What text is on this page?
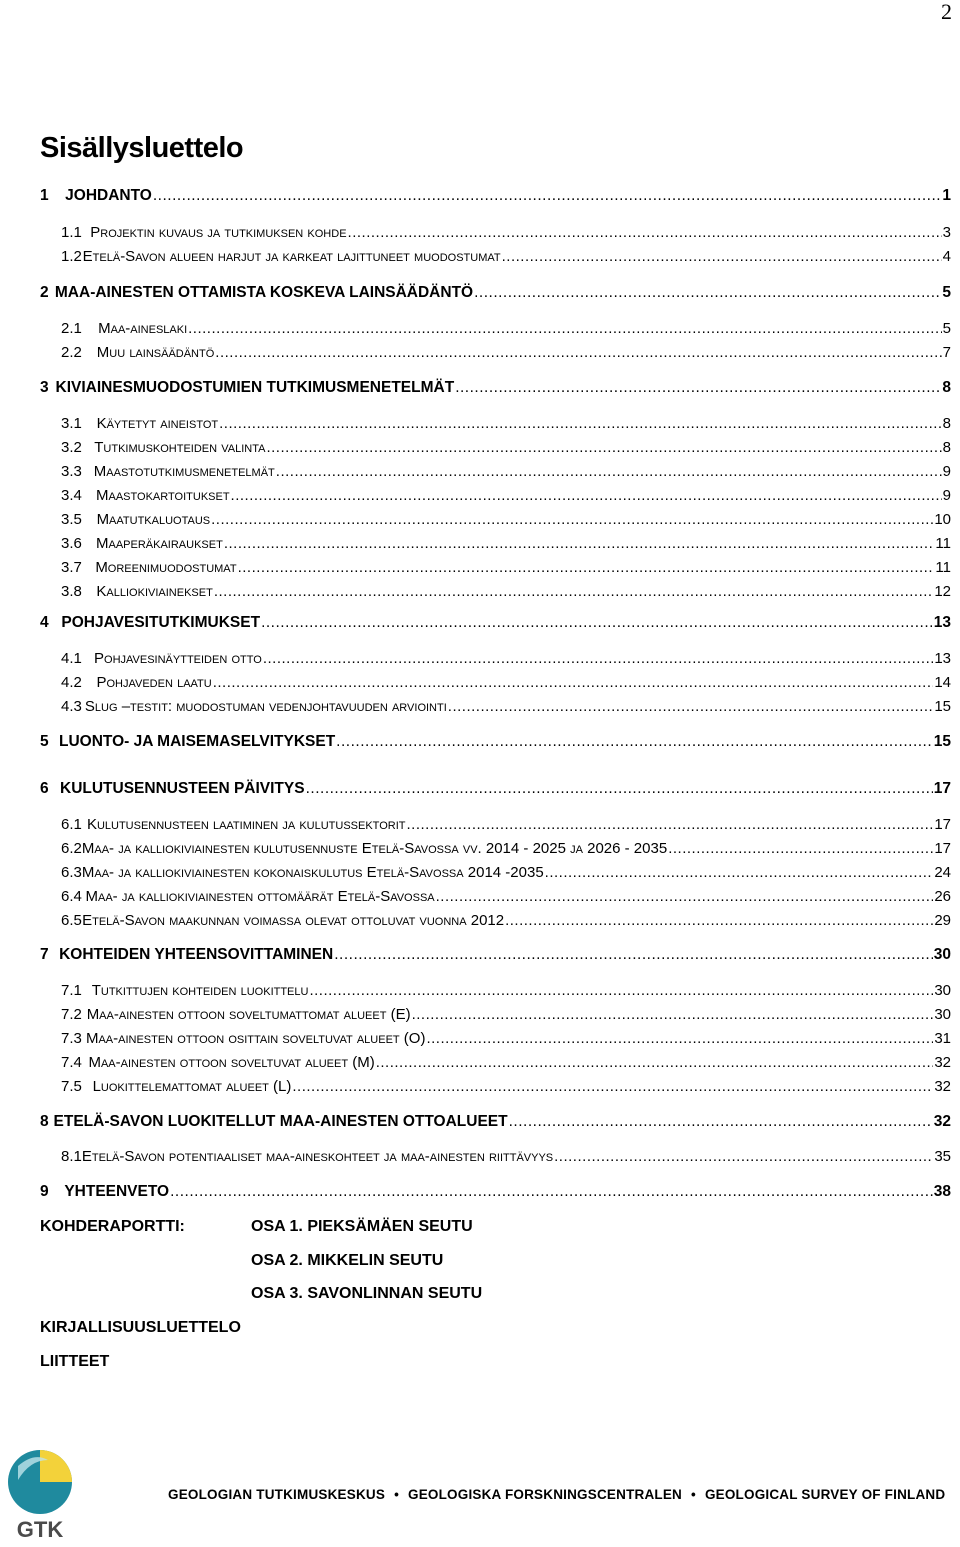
2
Sisällysluettelo
1	JOHDANTO .....	1
1.1 Projektin kuvaus ja tutkimuksen kohde .....	3
1.2 Etelä-Savon alueen harjut ja karkeat lajittuneet muodostumat .....	4
2 MAA-AINESTEN OTTAMISTA KOSKEVA LAINSÄÄDÄNTÖ .....	5
2.1	Maa-aineslaki .....	5
2.2 Muu lainsäädäntö .....	7
3 KIVIAINESMUODOSTUMIEN TUTKIMUSMENETELMÄT .....	8
3.1 Käytetyt aineistot .....	8
3.2 Tutkimuskohteiden valinta .....	8
3.3 Maastotutkimusmenetelmät .....	9
3.4 Maastokartoitukset .....	9
3.5 Maatutkaluotaus .....	10
3.6 Maaperäkairaukset .....	11
3.7 Moreenimuodostumat .....	11
3.8 Kalliokiviainekset .....	12
4 POHJAVESITUTKIMUKSET .....	13
4.1 Pohjavesinäytteiden otto .....	13
4.2 Pohjaveden laatu .....	14
4.3 Slug –testit: muodostuman vedenjohtavuuden arviointi .....	15
5 LUONTO- JA MAISEMASELVITYKSET .....	15
6 KULUTUSENNUSTEEN PÄIVITYS .....	17
6.1 Kulutusennusteen laatiminen ja kulutussektorit .....	17
6.2 Maa- ja kalliokiviainesten kulutusennuste Etelä-Savossa vv. 2014 - 2025 ja 2026 - 2035 .....	17
6.3 Maa- ja kalliokiviainesten kokonaiskulutus Etelä-Savossa 2014 -2035 .....	24
6.4 Maa- ja kalliokiviainesten ottomäärät Etelä-Savossa .....	26
6.5 Etelä-Savon maakunnan voimassa olevat ottoluvat vuonna 2012 .....	29
7 KOHTEIDEN YHTEENSOVITTAMINEN .....	30
7.1 Tutkittujen kohteiden luokittelu .....	30
7.2 Maa-ainesten ottoon soveltumattomat alueet (E) .....	30
7.3 Maa-ainesten ottoon osittain soveltuvat alueet (O) .....	31
7.4 Maa-ainesten ottoon soveltuvat alueet (M) .....	32
7.5 Luokittelemattomat alueet (L) .....	32
8 ETELÄ-SAVON LUOKITELLUT MAA-AINESTEN OTTOALUEET .....	32
8.1 Etelä-Savon potentiaaliset maa-aineskohteet ja maa-ainesten riittävyys .....	35
9	YHTEENVETO .....	38
KOHDERAPORTTI:	OSA 1. PIEKSÄMÄEN SEUTU
OSA 2. MIKKELIN SEUTU
OSA 3. SAVONLINNAN SEUTU
KIRJALLISUUSLUETTELO
LIITTEET
GTK
GEOLOGIAN TUTKIMUSKESKUS • GEOLOGISKA FORSKNINGSCENTRALEN • GEOLOGICAL SURVEY OF FINLAND
